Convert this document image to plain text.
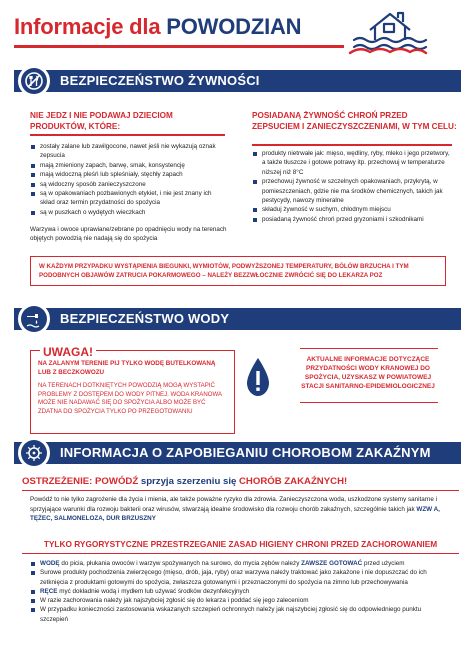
Informacje dla POWODZIAN
BEZPIECZEŃSTWO ŻYWNOŚCI
NIE JEDZ I NIE PODAWAJ DZIECIOM PRODUKTÓW, KTÓRE:
zostały zalane lub zawilgocone, nawet jeśli nie wykazują oznak zepsucia
mają zmieniony zapach, barwę, smak, konsystencję
mają widoczną pleśń lub spleśniały, stęchły zapach
są widoczny sposób zanieczyszczone
są w opakowaniach pozbawionych etykiet, i nie jest znany ich skład oraz termin przydatności do spożycia
są w puszkach o wydętych wieczkach
Warzywa i owoce uprawiane/zebrane po opadnięciu wody na terenach objętych powodzią nie nadają się do spożycia
POSIADANĄ ŻYWNOŚĆ CHROŃ PRZED ZEPSUCIEM I ZANIECZYSZCZENIAMI, W TYM CELU:
produkty nietrwałe jak: mięso, wędliny, ryby, mleko i jego przetwory, a także tłuszcze i gotowe potrawy itp. przechowuj w temperaturze niższej niż 8°C
przechowuj żywność w szczelnych opakowaniach, przykrytą, w pomieszczeniach, gdzie nie ma środków chemicznych, takich jak pestycydy, nawozy mineralne
składuj żywność w suchym, chłodnym miejscu
posiadaną żywność chroń przed gryzoniami i szkodnikami
W KAŻDYM PRZYPADKU WYSTĄPIENIA BIEGUNKI, WYMIOTÓW, PODWYŻSZONEJ TEMPERATURY, BÓLÓW BRZUCHA I TYM PODOBNYCH OBJAWÓW ZATRUCIA POKARMOWEGO – NALEŻY BEZZWŁOCZNIE ZWRÓCIĆ SIĘ DO LEKARZA POZ
BEZPIECZEŃSTWO WODY
UWAGA!
NA ZALANYM TERENIE PIJ TYLKO WODĘ BUTELKOWANĄ LUB Z BECZKOWOZU
NA TERENACH DOTKNIĘTYCH POWODZIĄ MOGĄ WYSTAPIĆ PROBLEMY Z DOSTĘPEM DO WODY PITNEJ. WODA KRANOWA MOŻE NIE NADAWAĆ SIĘ DO SPOŻYCIA ALBO MOŻE BYĆ ZDATNA DO SPOŻYCIA TYLKO PO PRZEGOTOWANIU
AKTUALNE INFORMACJE DOTYCZĄCE PRZYDATNOŚCI WODY KRANOWEJ DO SPOŻYCIA, UZYSKASZ W POWIATOWEJ STACJI SANITARNO-EPIDEMIOLOGICZNEJ
INFORMACJA O ZAPOBIEGANIU CHOROBOM ZAKAŹNYM
OSTRZEŻENIE: POWÓDŹ sprzyja szerzeniu się CHORÓB ZAKAŹNYCH!
Powódź to nie tylko zagrożenie dla życia i mienia, ale także poważne ryzyko dla zdrowia. Zanieczyszczona woda, uszkodzone systemy sanitarne i sprzyjające warunki dla rozwoju bakterii oraz wirusów, stwarzają idealne środowisko dla rozwoju chorób zakaźnych, szczególnie takich jak WZW A, TĘŻEC, SALMONELOZA, DUR BRZUSZNY
TYLKO RYGORYSTYCZNE PRZESTRZEGANIE ZASAD HIGIENY CHRONI PRZED ZACHOROWANIEM
WODĘ do picia, płukania owoców i warzyw spożywanych na surowo, do mycia zębów należy ZAWSZE GOTOWAĆ przed użyciem
Surowe produkty pochodzenia zwierzęcego (mięso, drób, jaja, ryby) oraz warzywa należy traktować jako zakażone i nie dopuszczać do ich zetknięcia z produktami gotowymi do spożycia, zwłaszcza gotowanymi i przeznaczonymi do spożycia na zimno lub przechowywania
RĘCE myć dokładnie wodą i mydłem lub używać środków dezynfekcyjnych
W razie zachorowania należy jak najszybciej zgłosić się do lekarza i poddać się jego zaleceniom
W przypadku konieczności zastosowania wskazanych szczepień ochronnych należy jak najszybciej zgłosić się do odpowiedniego punktu szczepień
